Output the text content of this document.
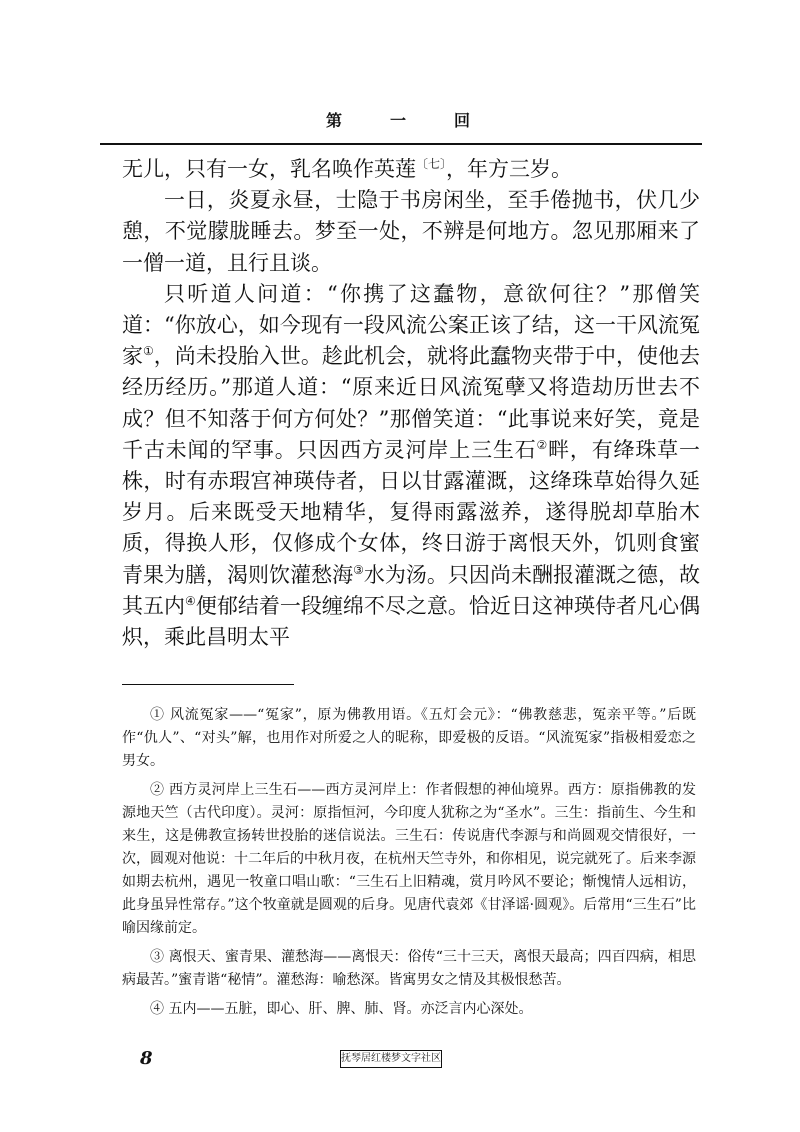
第	一	回

无儿，只有一女，乳名唤作英莲$^{〔七〕}$，年方三岁。

一日，炎夏永昼，士隐于书房闲坐，至手倦抛书，伏几少憩，不觉朦胧睡去。梦至一处，不辨是何地方。忽见那厢来了一僧一道，且行且谈。

只听道人问道：“你携了这蠢物，意欲何往？”那僧笑道：“你放心，如今现有一段风流公案正该了结，这一干风流冤家①，尚未投胎入世。趁此机会，就将此蠢物夹带于中，使他去经历经历。”那道人道：“原来近日风流冤孽又将造劫历世去不成？但不知落于何方何处？”那僧笑道：“此事说来好笑，竟是千古未闻的罕事。只因西方灵河岸上三生石②畔，有绛珠草一株，时有赤瑕宫神瑛侍者，日以甘露灌溉，这绛珠草始得久延岁月。后来既受天地精华，复得雨露滋养，遂得脱却草胎木质，得换人形，仅修成个女体，终日游于离恨天外，饥则食蜜青果为膳，渴则饮灌愁海③水为汤。只因尚未酬报灌溉之德，故其五内④便郁结着一段缠绵不尽之意。恰近日这神瑛侍者凡心偶炽，乘此昌明太平

① 风流冤家——“冤家”，原为佛教用语。《五灯会元》：“佛教慈悲，冤亲平等。”后既作“仇人”、“对头”解，也用作对所爱之人的昵称，即爱极的反语。“风流冤家”指极相爱恋之男女。

② 西方灵河岸上三生石——西方灵河岸上：作者假想的神仙境界。西方：原指佛教的发源地天竺（古代印度）。灵河：原指恒河，今印度人犹称之为“圣水”。三生：指前生、今生和来生，这是佛教宣扬转世投胎的迷信说法。三生石：传说唐代李源与和尚圆观交情很好，一次，圆观对他说：十二年后的中秋月夜，在杭州天竺寺外，和你相见，说完就死了。后来李源如期去杭州，遇见一牧童口唱山歌：“三生石上旧精魂，赏月吟风不要论；惭愧情人远相访，此身虽异性常存。”这个牧童就是圆观的后身。见唐代袁郊《甘泽谣·圆观》。后常用“三生石”比喻因缘前定。

③ 离恨天、蜜青果、灌愁海——离恨天：俗传“三十三天，离恨天最高；四百四病，相思病最苦。”蜜青谐“秘情”。灌愁海：喻愁深。皆寓男女之情及其极恨愁苦。

④ 五内——五脏，即心、肝、脾、肺、肾。亦泛言内心深处。

8	抚琴居红楼梦文字社区
